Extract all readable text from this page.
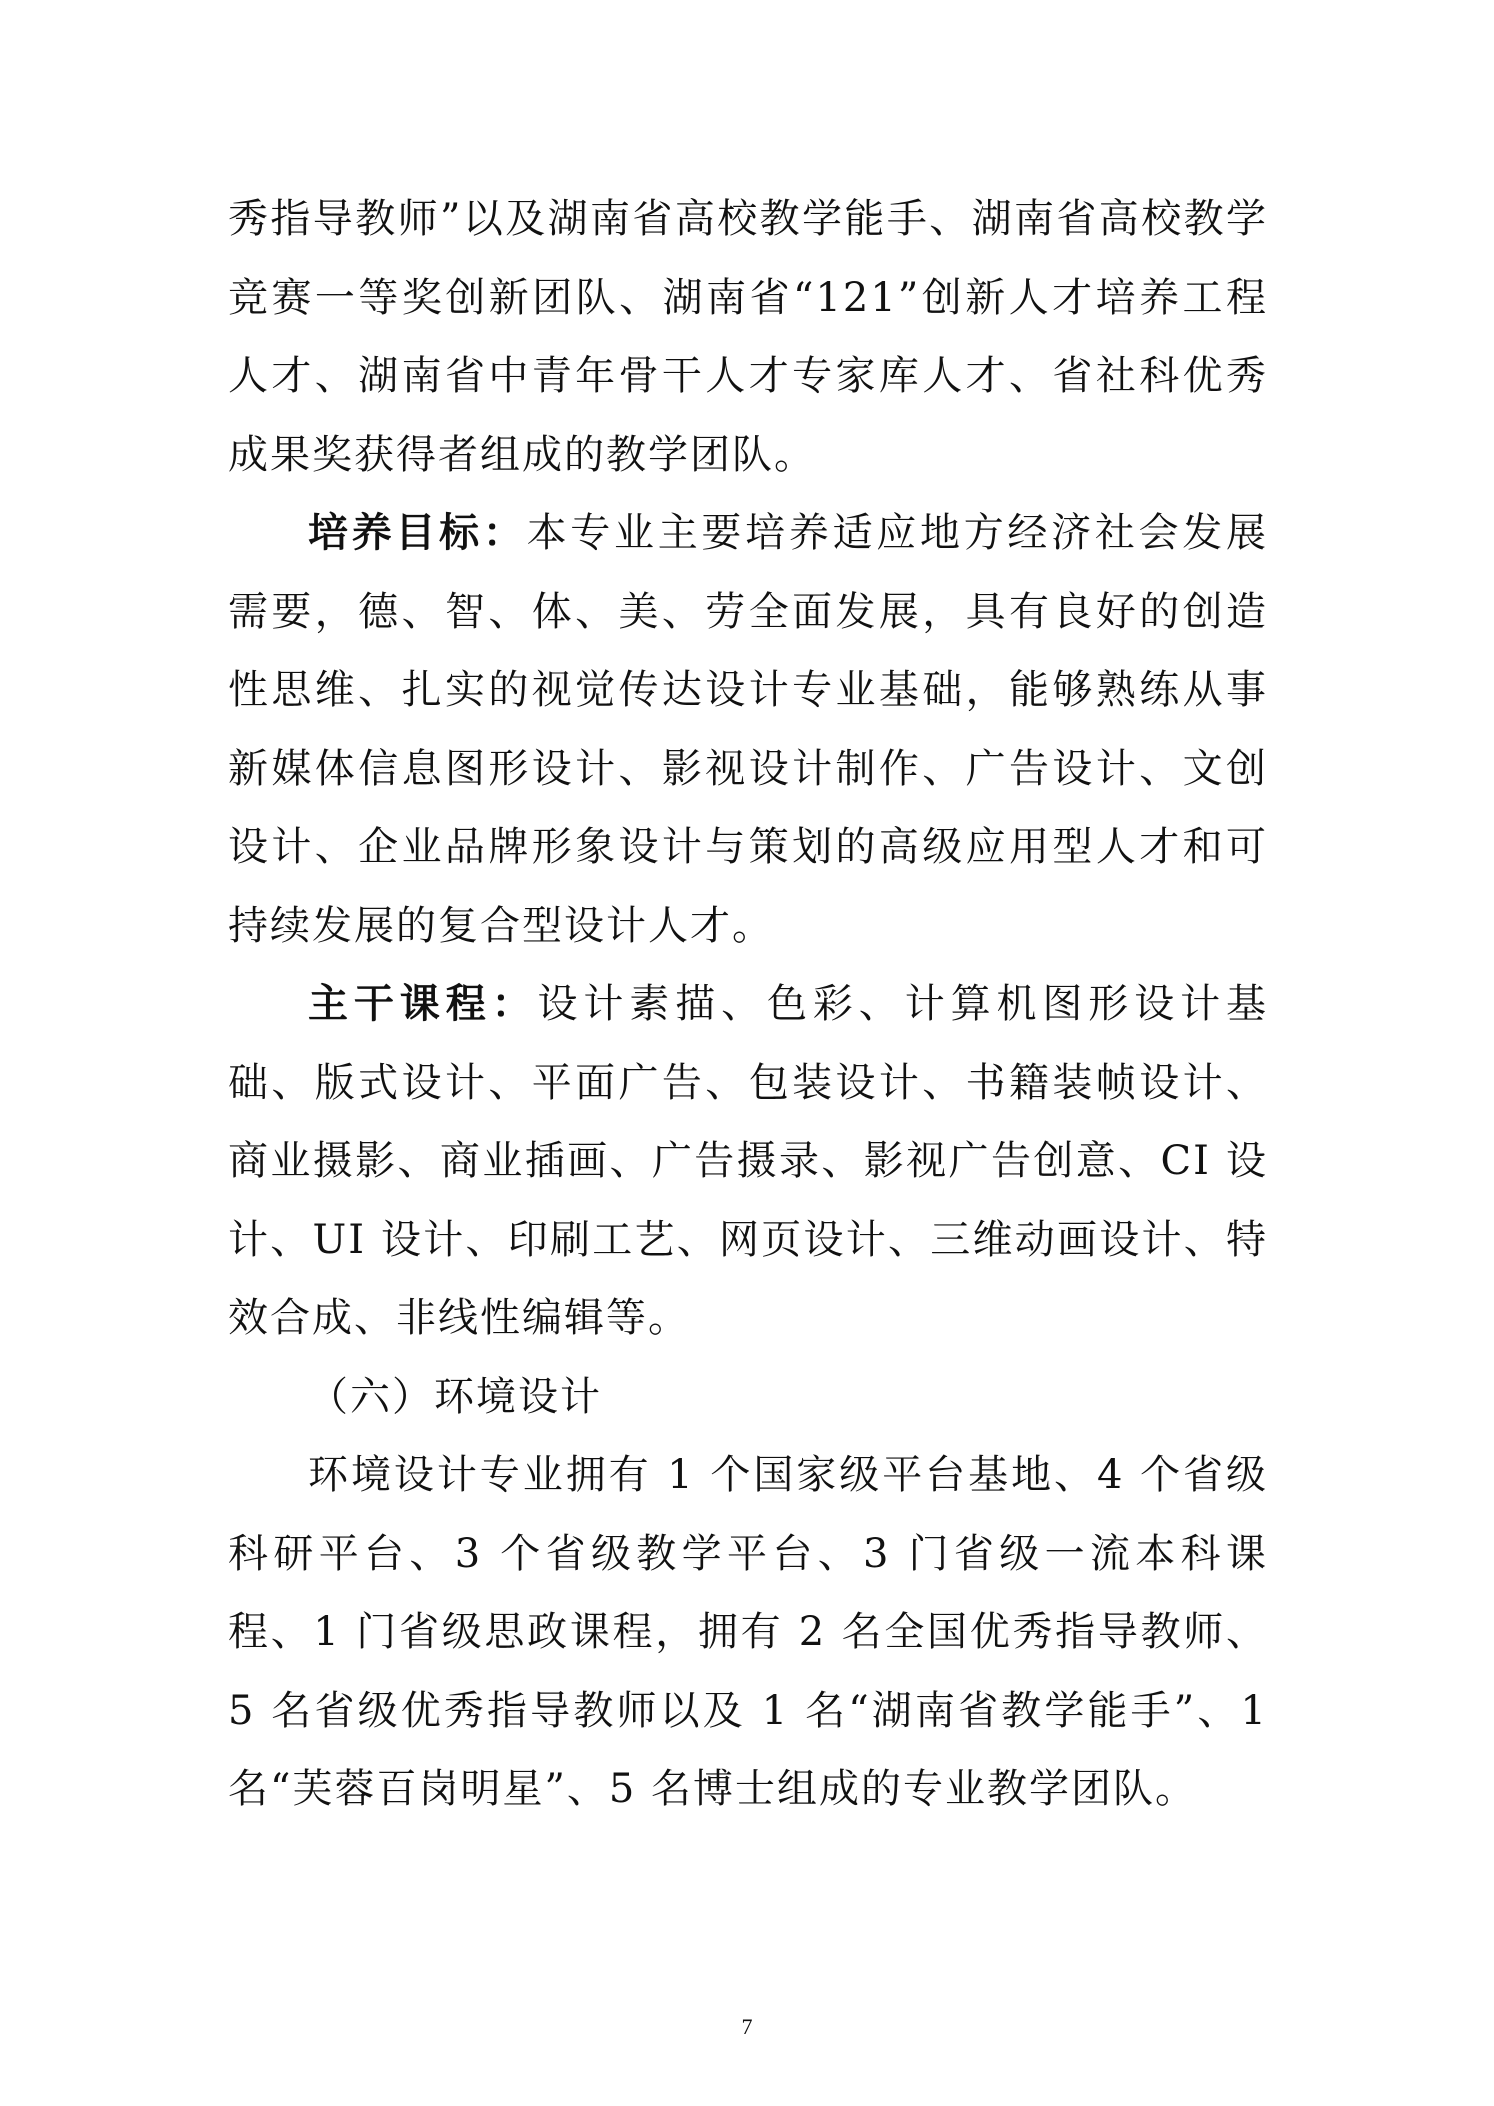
秀指导教师”以及湖南省高校教学能手、湖南省高校教学竞赛一等奖创新团队、湖南省“121”创新人才培养工程人才、湖南省中青年骨干人才专家库人才、省社科优秀成果奖获得者组成的教学团队。

培养目标：本专业主要培养适应地方经济社会发展需要，德、智、体、美、劳全面发展，具有良好的创造性思维、扎实的视觉传达设计专业基础，能够熟练从事新媒体信息图形设计、影视设计制作、广告设计、文创设计、企业品牌形象设计与策划的高级应用型人才和可持续发展的复合型设计人才。

主干课程：设计素描、色彩、计算机图形设计基础、版式设计、平面广告、包装设计、书籍装帧设计、商业摄影、商业插画、广告摄录、影视广告创意、CI 设计、UI 设计、印刷工艺、网页设计、三维动画设计、特效合成、非线性编辑等。

（六）环境设计

环境设计专业拥有 1 个国家级平台基地、4 个省级科研平台、3 个省级教学平台、3 门省级一流本科课程、1 门省级思政课程，拥有 2 名全国优秀指导教师、5 名省级优秀指导教师以及 1 名“湖南省教学能手”、1 名“芙蓉百岗明星”、5 名博士组成的专业教学团队。

7
